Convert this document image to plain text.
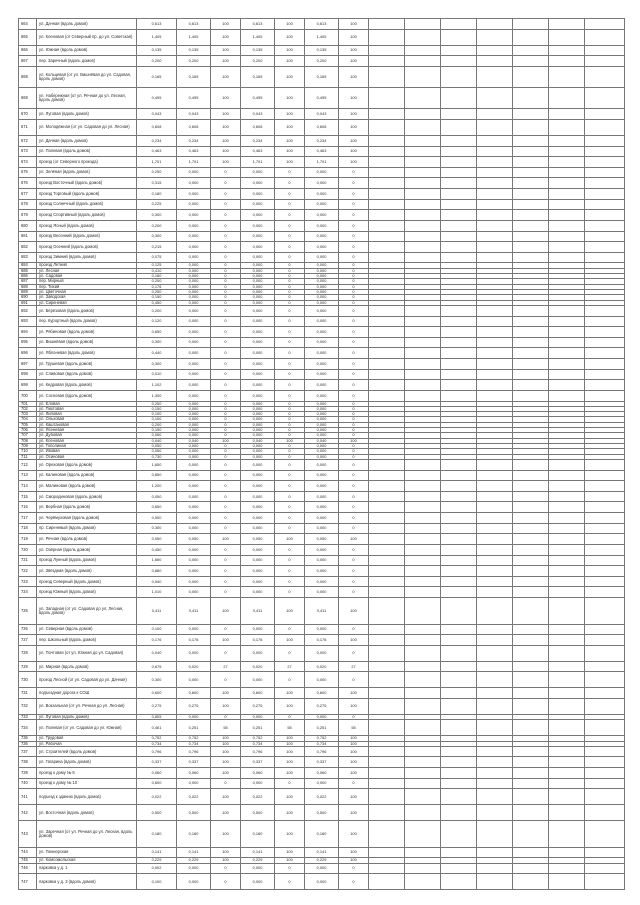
664	ул. Дачная (вдоль домов)	0,613	0,613	100	0,613	100	0,613	100							
665	ул. Кленовая (от Северный пр. до ул. Советская)	1,405	1,405	100	1,405	100	1,405	100							
666	ул. Южная (вдоль домов)	0,135	0,135	100	0,135	100	0,135	100							
667	пер. Заречный (вдоль домов)	0,200	0,200	100	0,200	100	0,200	100							
668	ул. Кольцевая (от ул. Вишнёвая до ул. Садовая, вдоль домов)	0,165	0,165	100	0,165	100	0,165	100							
669	ул. Набережная (от ул. Речная до ул. Лесная, вдоль домов)	0,495	0,495	100	0,495	100	0,495	100							
670	ул. Луговая (вдоль домов)	0,043	0,043	100	0,043	100	0,043	100							
671	ул. Молодёжная (от ул. Садовая до ул. Лесная)	0,608	0,608	100	0,608	100	0,608	100							
672	ул. Дачная (вдоль домов)	0,234	0,234	100	0,234	100	0,234	100							
673	ул. Полевая (вдоль домов)	0,463	0,463	100	0,463	100	0,463	100							
674	проезд (от Северного проезда)	1,701	1,701	100	1,701	100	1,701	100							
675	ул. Зелёная (вдоль домов)	0,250	0,000	0	0,000	0	0,000	0							
676	проезд Восточный (вдоль домов)	0,315	0,000	0	0,000	0	0,000	0							
677	проезд Торговый (вдоль домов)	0,180	0,000	0	0,000	0	0,000	0							
678	проезд Солнечный (вдоль домов)	0,225	0,000	0	0,000	0	0,000	0							
679	проезд Спортивный (вдоль домов)	0,300	0,000	0	0,000	0	0,000	0							
680	проезд Ясный (вдоль домов)	0,200	0,000	0	0,000	0	0,000	0							
681	проезд Весенний (вдоль домов)	0,300	0,000	0	0,000	0	0,000	0							
682	проезд Осенний (вдоль домов)	0,215	0,000	0	0,000	0	0,000	0							
683	проезд Зимний (вдоль домов)	0,075	0,000	0	0,000	0	0,000	0							
684	проезд Летний	0,125	0,000	0	0,000	0	0,000	0							
685	ул. Лесная	0,410	0,000	0	0,000	0	0,000	0							
686	ул. Садовая	0,160	0,000	0	0,000	0	0,000	0							
687	пер. Мирный	0,200	0,000	0	0,000	0	0,000	0							
688	пер. Тихий	0,176	0,000	0	0,000	0	0,000	0							
689	ул. Цветочная	0,250	0,000	0	0,000	0	0,000	0							
690	ул. Заводская	0,150	0,000	0	0,000	0	0,000	0							
691	ул. Сиреневая	0,450	0,000	0	0,000	0	0,000	0							
692	ул. Берёзовая (вдоль домов)	0,200	0,000	0	0,000	0	0,000	0							
693	пер. Курортный (вдоль домов)	0,120	0,000	0	0,000	0	0,000	0							
694	ул. Рябиновая (вдоль домов)	0,650	0,000	0	0,000	0	0,000	0							
695	ул. Вишнёвая (вдоль домов)	0,300	0,000	0	0,000	0	0,000	0							
696	ул. Яблоневая (вдоль домов)	0,440	0,000	0	0,000	0	0,000	0							
697	ул. Грушевая (вдоль домов)	0,300	0,000	0	0,000	0	0,000	0							
698	ул. Сливовая (вдоль домов)	0,010	0,000	0	0,000	0	0,000	0							
699	ул. Кедровая (вдоль домов)	1,102	0,000	0	0,000	0	0,000	0							
700	ул. Сосновая (вдоль домов)	1,300	0,000	0	0,000	0	0,000	0							
701	ул. Еловая	0,250	0,000	0	0,000	0	0,000	0							
702	ул. Пихтовая	0,150	0,000	0	0,000	0	0,000	0							
703	ул. Липовая	0,100	0,000	0	0,000	0	0,000	0							
704	ул. Ольховая	0,100	0,000	0	0,000	0	0,000	0							
705	ул. Каштановая	0,200	0,000	0	0,000	0	0,000	0							
706	ул. Ясеневая	0,150	0,000	0	0,000	0	0,000	0							
707	ул. Дубовая	0,060	0,000	0	0,000	0	0,000	0							
708	ул. Кленовая	0,040	0,040	100	0,040	100	0,040	100							
709	ул. Тополиная	0,050	0,000	0	0,000	0	0,000	0							
710	ул. Ивовая	0,050	0,000	0	0,000	0	0,000	0							
711	ул. Осиновая	0,730	0,000	0	0,000	0	0,000	0							
712	ул. Ореховая (вдоль домов)	1,650	0,000	0	0,000	0	0,000	0							
713	ул. Калиновая (вдоль домов)	0,850	0,000	0	0,000	0	0,000	0							
714	ул. Малиновая (вдоль домов)	1,200	0,000	0	0,000	0	0,000	0							
715	ул. Смородиновая (вдоль домов)	0,050	0,000	0	0,000	0	0,000	0							
716	ул. Вербная (вдоль домов)	0,650	0,000	0	0,000	0	0,000	0							
717	ул. Черёмуховая (вдоль домов)	0,500	0,000	0	0,000	0	0,000	0							
718	пр. Сиреневый (вдоль домов)	0,300	0,000	0	0,000	0	0,000	0							
719	ул. Речная (вдоль домов)	0,050	0,050	100	0,050	100	0,050	100							
720	ул. Озёрная (вдоль домов)	0,450	0,000	0	0,000	0	0,000	0							
721	проезд Лунный (вдоль домов)	1,660	0,000	0	0,000	0	0,000	0							
722	ул. Звёздная (вдоль домов)	0,880	0,000	0	0,000	0	0,000	0							
723	проезд Северный (вдоль домов)	0,540	0,000	0	0,000	0	0,000	0							
724	проезд Южный (вдоль домов)	1,010	0,000	0	0,000	0	0,000	0							
725	ул. Западная (от ул. Садовая до ул. Лесная, вдоль домов)	0,411	0,411	100	0,411	100	0,411	100							
726	ул. Северная (вдоль домов)	0,100	0,000	0	0,000	0	0,000	0							
727	пер. Школьный (вдоль домов)	0,176	0,176	100	0,176	100	0,176	100							
728	ул. Почтовая (от ул. Южная до ул. Садовая)	0,040	0,000	0	0,000	0	0,000	0							
729	ул. Мирная (вдоль домов)	0,675	0,020	27	0,020	27	0,020	27							
730	проезд Лесной (от ул. Садовая до ул. Дачная)	0,300	0,000	0	0,000	0	0,000	0							
731	подъездная дорога к СОШ	0,600	0,600	100	0,600	100	0,600	100							
732	ул. Вокзальная (от ул. Речная до ул. Лесная)	0,275	0,275	100	0,275	100	0,275	100							
733	ул. Луговая (вдоль домов)	0,805	0,000	0	0,000	0	0,000	0							
734	ул. Полевая (от ул. Садовая до ул. Южная)	0,461	0,251	55	0,251	55	0,251	55							
735	ул. Трудовая	0,752	0,752	100	0,752	100	0,752	100							
736	ул. Рабочая	0,734	0,734	100	0,734	100	0,734	100							
737	ул. Строителей (вдоль домов)	0,796	0,796	100	0,796	100	0,796	100							
738	ул. Гагарина (вдоль домов)	0,337	0,337	100	0,337	100	0,337	100							
739	проезд к дому № 5	0,060	0,060	100	0,060	100	0,060	100							
740	проезд к дому № 10	0,600	0,000	0	0,000	0	0,000	0							
741	подъезд к зданию (вдоль домов)	0,022	0,022	100	0,022	100	0,022	100							
742	ул. Восточная (вдоль домов)	0,500	0,500	100	0,500	100	0,500	100							
743	ул. Заречная (от ул. Речная до ул. Лесная, вдоль домов)	0,180	0,180	100	0,180	100	0,180	100							
744	ул. Пионерская	0,141	0,141	100	0,141	100	0,141	100							
745	ул. Комсомольская	0,229	0,229	100	0,229	100	0,229	100							
746	парковка у д. 1	0,002	0,000	0	0,000	0	0,000	0							
747	парковка у д. 3 (вдоль домов)	0,100	0,000	0	0,000	0	0,000	0							
